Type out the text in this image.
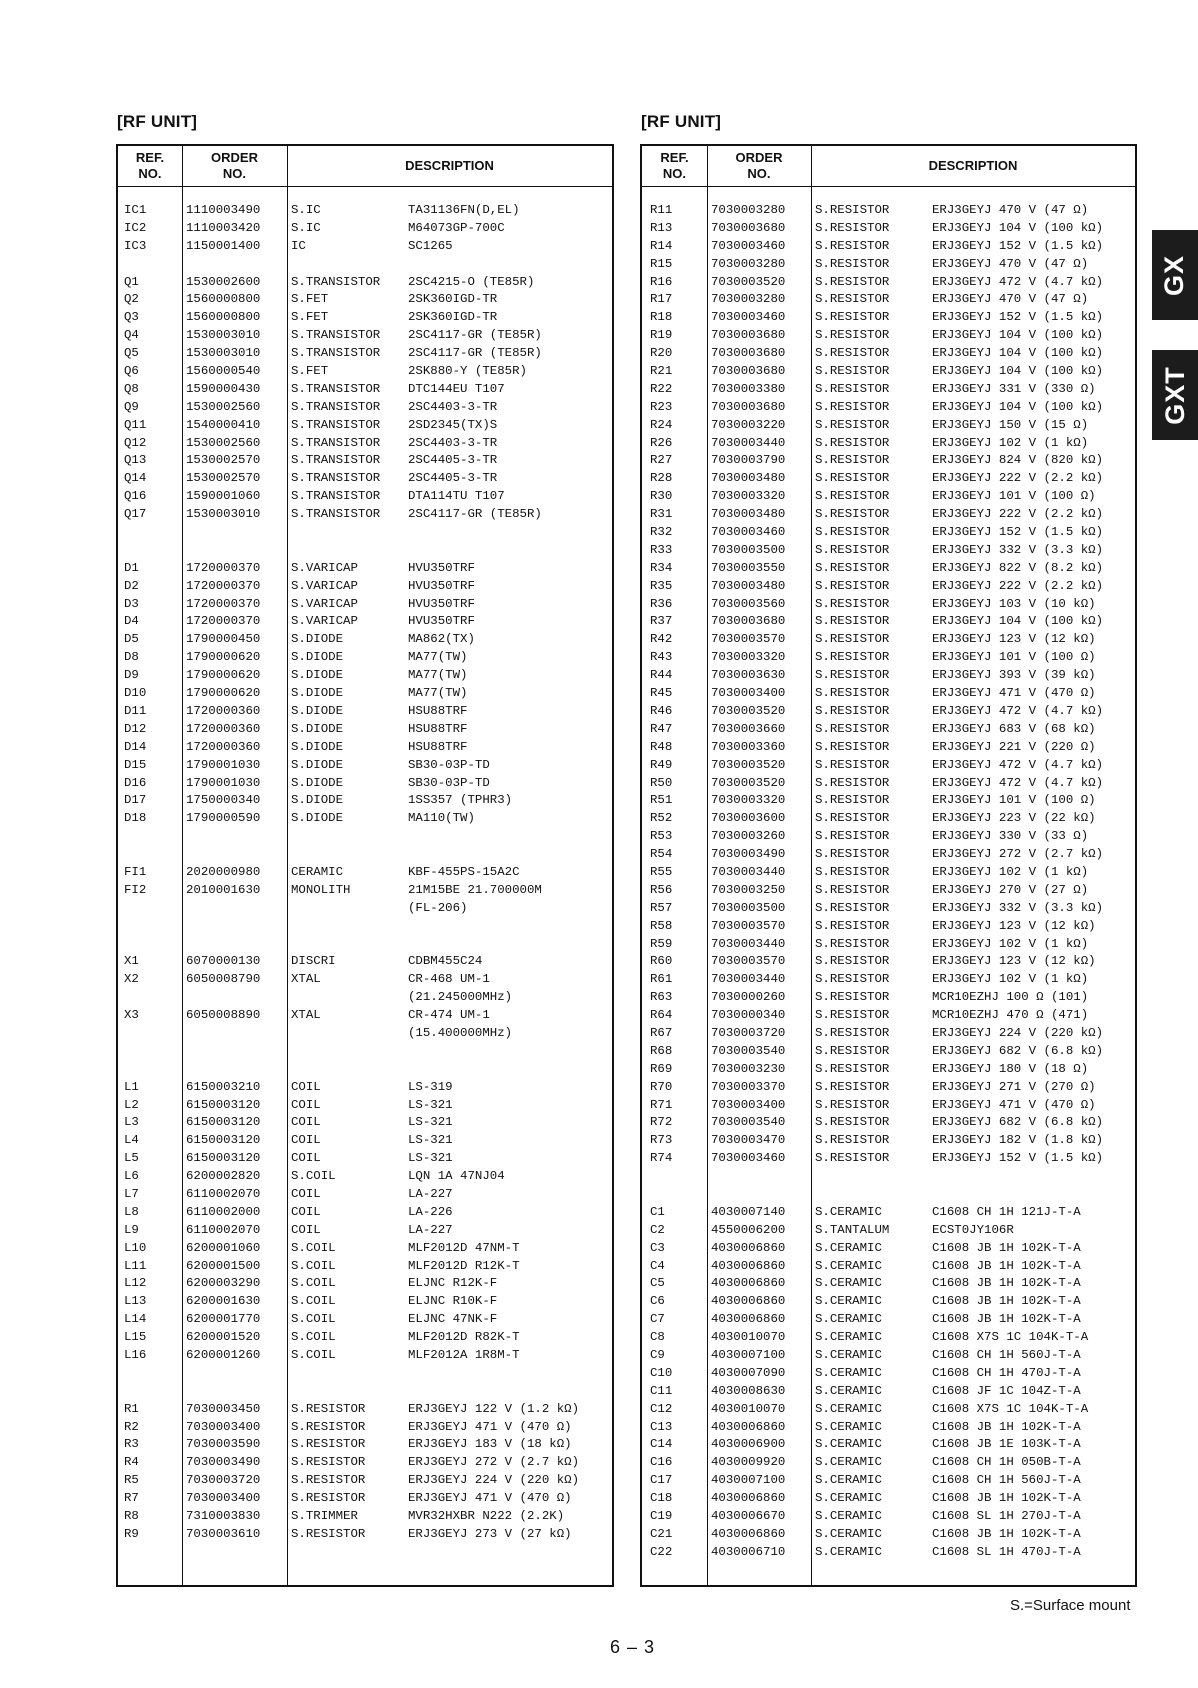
[RF UNIT]	[RF UNIT]
REF.
NO.
ORDER
NO.
DESCRIPTION
IC1	1110003490 S.IC	TA31136FN(D,EL)
IC2	1110003420 S.IC	M64073GP-700C
IC3	1150001400 IC	SC1265
Q1	1530002600 S.TRANSISTOR 2SC4215-O (TE85R)
Q2	1560000800 S.FET	2SK360IGD-TR
Q3	1560000800 S.FET	2SK360IGD-TR
Q4	1530003010 S.TRANSISTOR 2SC4117-GR (TE85R)
Q5	1530003010 S.TRANSISTOR 2SC4117-GR (TE85R)
Q6	1560000540 S.FET	2SK880-Y (TE85R)
Q8	1590000430 S.TRANSISTOR DTC144EU T107
Q9	1530002560 S.TRANSISTOR 2SC4403-3-TR
Q11	1540000410 S.TRANSISTOR 2SD2345(TX)S
Q12	1530002560 S.TRANSISTOR 2SC4403-3-TR
Q13	1530002570 S.TRANSISTOR 2SC4405-3-TR
Q14	1530002570 S.TRANSISTOR 2SC4405-3-TR
Q16	1590001060 S.TRANSISTOR DTA114TU T107
Q17	1530003010 S.TRANSISTOR 2SC4117-GR (TE85R)
D1	1720000370 S.VARICAP	HVU350TRF
D2	1720000370 S.VARICAP	HVU350TRF
D3	1720000370 S.VARICAP	HVU350TRF
D4	1720000370 S.VARICAP	HVU350TRF
D5	1790000450 S.DIODE	MA862(TX)
D8	1790000620 S.DIODE	MA77(TW)
D9	1790000620 S.DIODE	MA77(TW)
D10	1790000620 S.DIODE	MA77(TW)
D11	1720000360 S.DIODE	HSU88TRF
D12	1720000360 S.DIODE	HSU88TRF
D14	1720000360 S.DIODE	HSU88TRF
D15	1790001030 S.DIODE	SB30-03P-TD
D16	1790001030 S.DIODE	SB30-03P-TD
D17	1750000340 S.DIODE	1SS357 (TPHR3)
D18	1790000590 S.DIODE	MA110(TW)
FI1	2020000980 CERAMIC	KBF-455PS-15A2C
FI2	2010001630 MONOLITH	21M15BE 21.700000M
(FL-206)
X1	6070000130 DISCRI	CDBM455C24
X2	6050008790 XTAL	CR-468 UM-1
(21.245000MHz)
X3	6050008890 XTAL	CR-474 UM-1
(15.400000MHz)
L1	6150003210 COIL	LS-319
L2	6150003120 COIL	LS-321
L3	6150003120 COIL	LS-321
L4	6150003120 COIL	LS-321
L5	6150003120 COIL	LS-321
L6	6200002820 S.COIL	LQN 1A 47NJ04
L7	6110002070 COIL	LA-227
L8	6110002000 COIL	LA-226
L9	6110002070 COIL	LA-227
L10	6200001060 S.COIL	MLF2012D 47NM-T
L11	6200001500 S.COIL	MLF2012D R12K-T
L12	6200003290 S.COIL	ELJNC R12K-F
L13	6200001630 S.COIL	ELJNC R10K-F
L14	6200001770 S.COIL	ELJNC 47NK-F
L15	6200001520 S.COIL	MLF2012D R82K-T
L16	6200001260 S.COIL	MLF2012A 1R8M-T
R1	7030003450 S.RESISTOR	ERJ3GEYJ 122 V (1.2 kΩ)
R2	7030003400 S.RESISTOR	ERJ3GEYJ 471 V (470 Ω)
R3	7030003590 S.RESISTOR	ERJ3GEYJ 183 V (18 kΩ)
R4	7030003490 S.RESISTOR	ERJ3GEYJ 272 V (2.7 kΩ)
R5	7030003720 S.RESISTOR	ERJ3GEYJ 224 V (220 kΩ)
R7	7030003400 S.RESISTOR	ERJ3GEYJ 471 V (470 Ω)
R8	7310003830 S.TRIMMER	MVR32HXBR N222 (2.2K)
R9	7030003610 S.RESISTOR	ERJ3GEYJ 273 V (27 kΩ)
REF.
NO.
ORDER
NO.
DESCRIPTION
R11	7030003280 S.RESISTOR	ERJ3GEYJ 470 V (47 Ω)
R13	7030003680 S.RESISTOR	ERJ3GEYJ 104 V (100 kΩ)
R14	7030003460 S.RESISTOR	ERJ3GEYJ 152 V (1.5 kΩ)
R15	7030003280 S.RESISTOR	ERJ3GEYJ 470 V (47 Ω)
R16	7030003520 S.RESISTOR	ERJ3GEYJ 472 V (4.7 kΩ)
R17	7030003280 S.RESISTOR	ERJ3GEYJ 470 V (47 Ω)
R18	7030003460 S.RESISTOR	ERJ3GEYJ 152 V (1.5 kΩ)
R19	7030003680 S.RESISTOR	ERJ3GEYJ 104 V (100 kΩ)
R20	7030003680 S.RESISTOR	ERJ3GEYJ 104 V (100 kΩ)
R21	7030003680 S.RESISTOR	ERJ3GEYJ 104 V (100 kΩ)
R22	7030003380 S.RESISTOR	ERJ3GEYJ 331 V (330 Ω)
R23	7030003680 S.RESISTOR	ERJ3GEYJ 104 V (100 kΩ)
R24	7030003220 S.RESISTOR	ERJ3GEYJ 150 V (15 Ω)
R26	7030003440 S.RESISTOR	ERJ3GEYJ 102 V (1 kΩ)
R27	7030003790 S.RESISTOR	ERJ3GEYJ 824 V (820 kΩ)
R28	7030003480 S.RESISTOR	ERJ3GEYJ 222 V (2.2 kΩ)
R30	7030003320 S.RESISTOR	ERJ3GEYJ 101 V (100 Ω)
R31	7030003480 S.RESISTOR	ERJ3GEYJ 222 V (2.2 kΩ)
R32	7030003460 S.RESISTOR	ERJ3GEYJ 152 V (1.5 kΩ)
R33	7030003500 S.RESISTOR	ERJ3GEYJ 332 V (3.3 kΩ)
R34	7030003550 S.RESISTOR	ERJ3GEYJ 822 V (8.2 kΩ)
R35	7030003480 S.RESISTOR	ERJ3GEYJ 222 V (2.2 kΩ)
R36	7030003560 S.RESISTOR	ERJ3GEYJ 103 V (10 kΩ)
R37	7030003680 S.RESISTOR	ERJ3GEYJ 104 V (100 kΩ)
R42	7030003570 S.RESISTOR	ERJ3GEYJ 123 V (12 kΩ)
R43	7030003320 S.RESISTOR	ERJ3GEYJ 101 V (100 Ω)
R44	7030003630 S.RESISTOR	ERJ3GEYJ 393 V (39 kΩ)
R45	7030003400 S.RESISTOR	ERJ3GEYJ 471 V (470 Ω)
R46	7030003520 S.RESISTOR	ERJ3GEYJ 472 V (4.7 kΩ)
R47	7030003660 S.RESISTOR	ERJ3GEYJ 683 V (68 kΩ)
R48	7030003360 S.RESISTOR	ERJ3GEYJ 221 V (220 Ω)
R49	7030003520 S.RESISTOR	ERJ3GEYJ 472 V (4.7 kΩ)
R50	7030003520 S.RESISTOR	ERJ3GEYJ 472 V (4.7 kΩ)
R51	7030003320 S.RESISTOR	ERJ3GEYJ 101 V (100 Ω)
R52	7030003600 S.RESISTOR	ERJ3GEYJ 223 V (22 kΩ)
R53	7030003260 S.RESISTOR	ERJ3GEYJ 330 V (33 Ω)
R54	7030003490 S.RESISTOR	ERJ3GEYJ 272 V (2.7 kΩ)
R55	7030003440 S.RESISTOR	ERJ3GEYJ 102 V (1 kΩ)
R56	7030003250 S.RESISTOR	ERJ3GEYJ 270 V (27 Ω)
R57	7030003500 S.RESISTOR	ERJ3GEYJ 332 V (3.3 kΩ)
R58	7030003570 S.RESISTOR	ERJ3GEYJ 123 V (12 kΩ)
R59	7030003440 S.RESISTOR	ERJ3GEYJ 102 V (1 kΩ)
R60	7030003570 S.RESISTOR	ERJ3GEYJ 123 V (12 kΩ)
R61	7030003440 S.RESISTOR	ERJ3GEYJ 102 V (1 kΩ)
R63	7030000260 S.RESISTOR	MCR10EZHJ 100 Ω (101)
R64	7030000340 S.RESISTOR	MCR10EZHJ 470 Ω (471)
R67	7030003720 S.RESISTOR	ERJ3GEYJ 224 V (220 kΩ)
R68	7030003540 S.RESISTOR	ERJ3GEYJ 682 V (6.8 kΩ)
R69	7030003230 S.RESISTOR	ERJ3GEYJ 180 V (18 Ω)
R70	7030003370 S.RESISTOR	ERJ3GEYJ 271 V (270 Ω)
R71	7030003400 S.RESISTOR	ERJ3GEYJ 471 V (470 Ω)
R72	7030003540 S.RESISTOR	ERJ3GEYJ 682 V (6.8 kΩ)
R73	7030003470 S.RESISTOR	ERJ3GEYJ 182 V (1.8 kΩ)
R74	7030003460 S.RESISTOR	ERJ3GEYJ 152 V (1.5 kΩ)
C1	4030007140 S.CERAMIC	C1608 CH 1H 121J-T-A
C2	4550006200 S.TANTALUM	ECST0JY106R
C3	4030006860 S.CERAMIC	C1608 JB 1H 102K-T-A
C4	4030006860 S.CERAMIC	C1608 JB 1H 102K-T-A
C5	4030006860 S.CERAMIC	C1608 JB 1H 102K-T-A
C6	4030006860 S.CERAMIC	C1608 JB 1H 102K-T-A
C7	4030006860 S.CERAMIC	C1608 JB 1H 102K-T-A
C8	4030010070 S.CERAMIC	C1608 X7S 1C 104K-T-A
C9	4030007100 S.CERAMIC	C1608 CH 1H 560J-T-A
C10	4030007090 S.CERAMIC	C1608 CH 1H 470J-T-A
C11	4030008630 S.CERAMIC	C1608 JF 1C 104Z-T-A
C12	4030010070 S.CERAMIC	C1608 X7S 1C 104K-T-A
C13	4030006860 S.CERAMIC	C1608 JB 1H 102K-T-A
C14	4030006900 S.CERAMIC	C1608 JB 1E 103K-T-A
C16	4030009920 S.CERAMIC	C1608 CH 1H 050B-T-A
C17	4030007100 S.CERAMIC	C1608 CH 1H 560J-T-A
C18	4030006860 S.CERAMIC	C1608 JB 1H 102K-T-A
C19	4030006670 S.CERAMIC	C1608 SL 1H 270J-T-A
C21	4030006860 S.CERAMIC	C1608 JB 1H 102K-T-A
C22	4030006710 S.CERAMIC	C1608 SL 1H 470J-T-A
GX
GXT
S.=Surface mount
6 – 3
